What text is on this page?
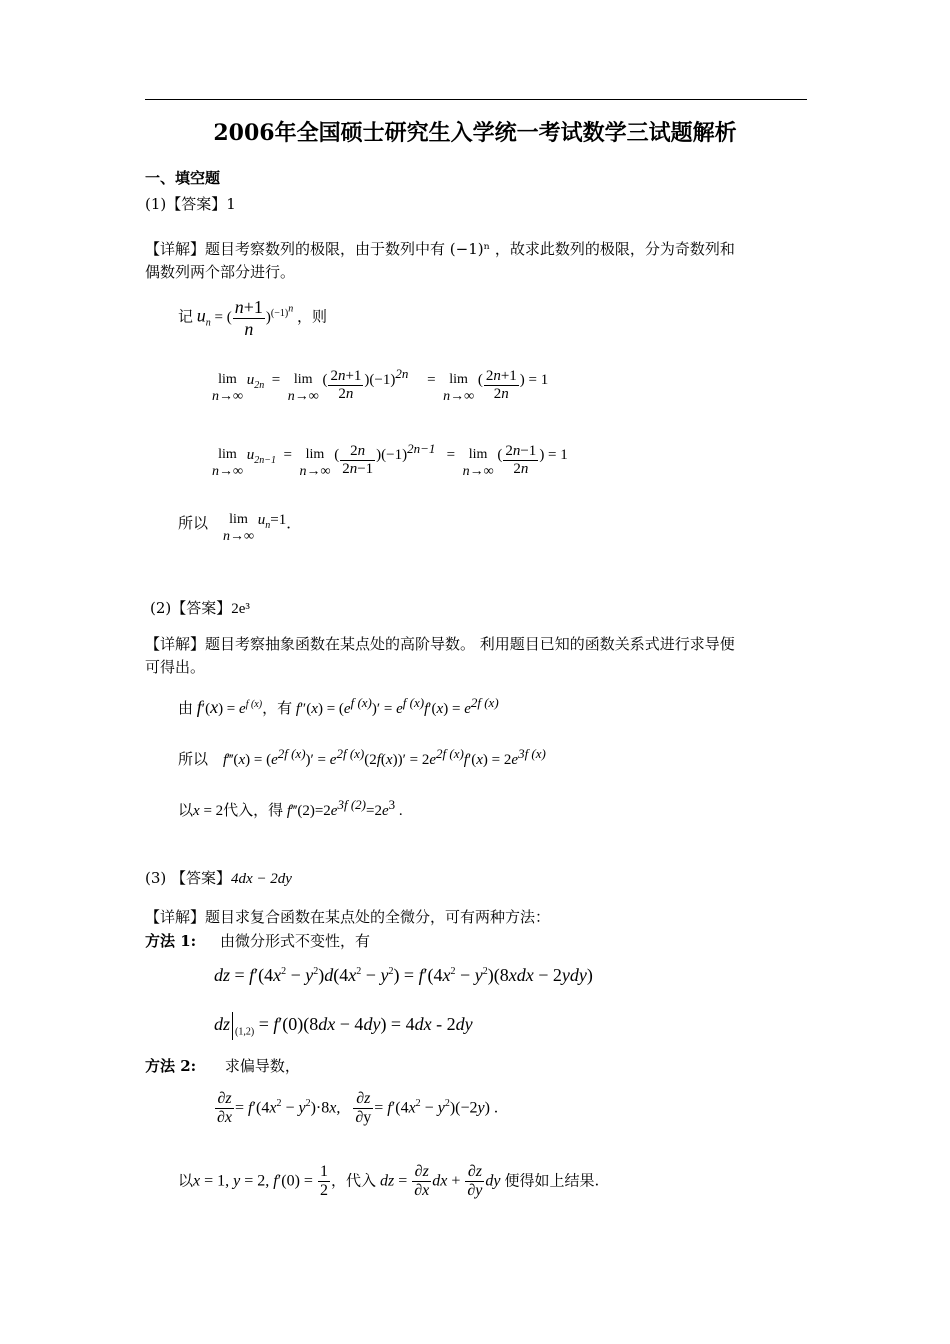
2006年全国硕士研究生入学统一考试数学三试题解析
一、填空题
(1)【答案】1
【详解】题目考察数列的极限，由于数列中有 (−1)ⁿ ，故求此数列的极限，分为奇数列和
偶数列两个部分进行。
记 $u_n$ = ( $\frac{n+1}{n} )^{(-1)^n}$ ，则
lim
n→∞
$u_{2n} = \lim$
n→∞
( $\frac{2n+1}{2n} )(-1)^{2n}$     = lim
n→∞
( $\frac{2n+1}{2n}$ ) = 1
lim
n→∞
$u_{2n-1} = \lim$
n→∞
( $\frac{2n}{2n-1} )(-1)^{2n-1} = \lim$
n→∞
( $\frac{2n-1}{2n}$ ) = 1
所以	lim
n→∞
$u_n=1$．
(2)【答案】2e³
【详解】题目考察抽象函数在某点处的高阶导数。 利用题目已知的函数关系式进行求导便
可得出。
由 $f'(x) = e^{f (x)}$，有 $f''(x) = (e^{f (x)})' = e^{f (x)}f'(x) = e^{2f (x)}$
所以 f‴(x) = $(e^{2f (x)})' = e^{2f (x)}(2f(x))' = 2e^{2f (x)}f'(x) = 2e^{3f (x)}$
以x = 2代入，得 $f‴(2)=2e^{3f (2)}=2e^3$ .
(3) 【答案】4dx − 2dy
【详解】题目求复合函数在某点处的全微分，可有两种方法：
方法 1: 由微分形式不变性，有
dz = $f'(4x^2 - y^2)d(4x^2 - y^2) = f'(4x^2 - y^2)(8xdx - 2ydy)$
dz $_{(1,2)}$ = f′(0)(8dx − 4dy) = 4dx - 2dy
方法 2: 求偏导数，
$\frac{\partial z}{\partial x} = f'(4x^2 - y^2)\cdot 8x$, $\frac{\partial z}{\partial y} = f'(4x^2 - y^2)(-2y)$ .
以x = 1, y = 2, $f'(0) = \frac{1}{2}$ ，代入 dz = $\frac{\partial z}{\partial x}$ dx + $\frac{\partial z}{\partial y}$ dy 便得如上结果.
